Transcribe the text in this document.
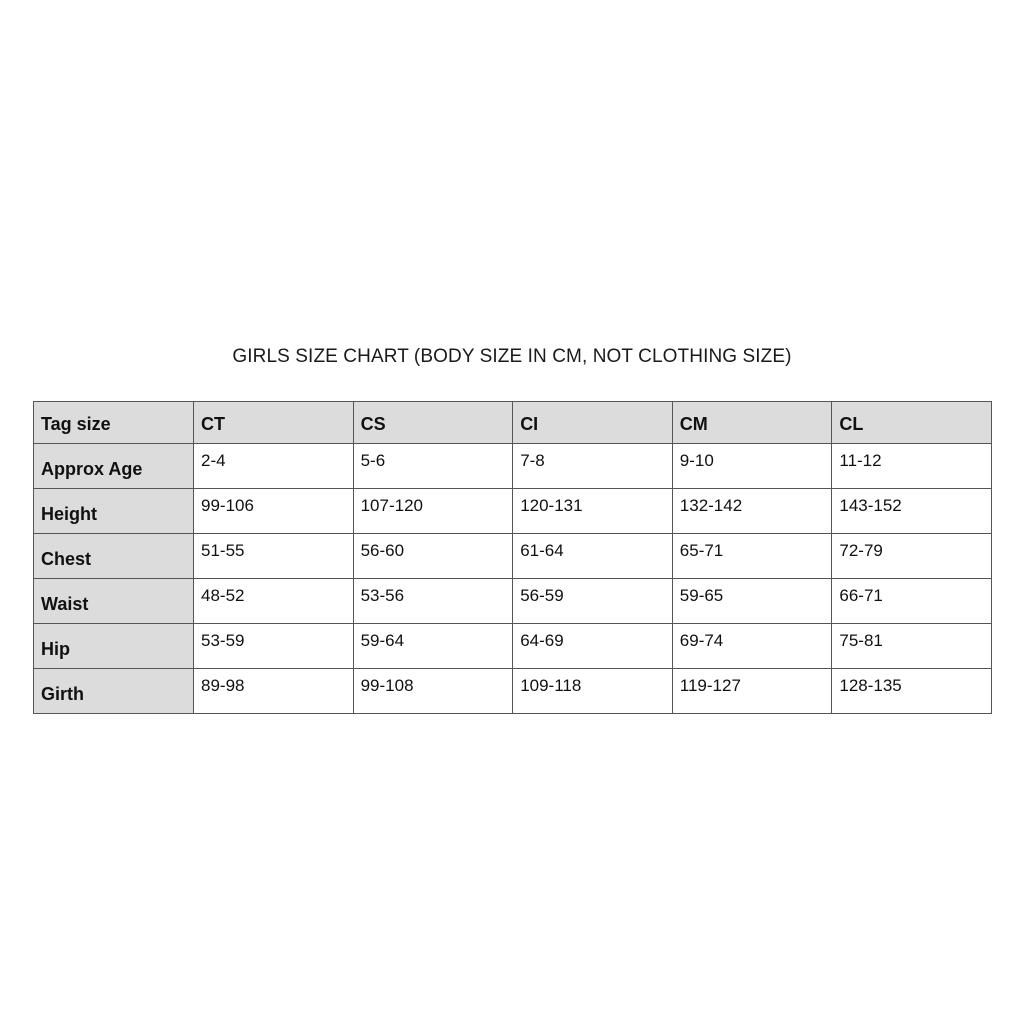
GIRLS SIZE CHART (BODY SIZE IN CM, NOT CLOTHING SIZE)
Tag size	CT	CS	CI	CM	CL
Approx Age	2-4	5-6	7-8	9-10	11-12
Height	99-106	107-120	120-131	132-142	143-152
Chest	51-55	56-60	61-64	65-71	72-79
Waist	48-52	53-56	56-59	59-65	66-71
Hip	53-59	59-64	64-69	69-74	75-81
Girth	89-98	99-108	109-118	119-127	128-135
